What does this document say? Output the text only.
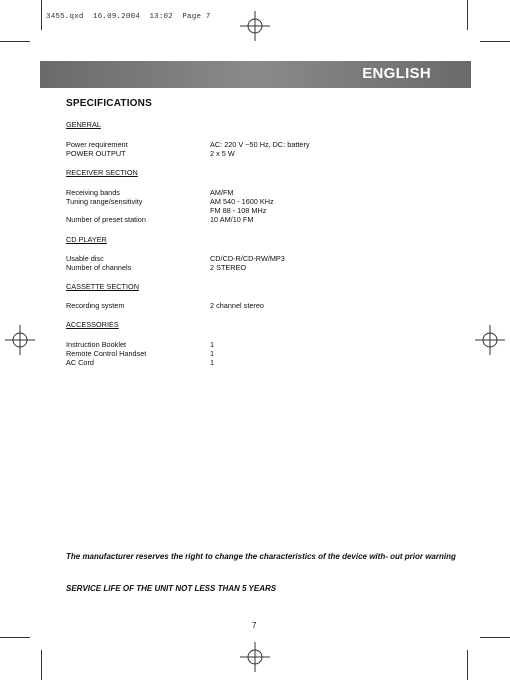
3455.qxd 16.09.2004 13:02 Page 7
ENGLISH
SPECIFICATIONS
GENERAL
Power requirement	AC: 220 V ~50 Hz, DC: battery
POWER OUTPUT	2 x 5 W
RECEIVER SECTION
Receiving bands	AM/FM
Tuning range/sensitivity	AM 540 - 1600 KHz
FM 88 - 108 MHz
Number of preset station	10 AM/10 FM
CD PLAYER
Usable disc	CD/CD-R/CD-RW/MP3
Number of channels	2 STEREO
CASSETTE SECTION
Recording system	2 channel stereo
ACCESSORIES
Instruction Booklet	1
Remote Control Handset	1
AC Cord	1
The manufacturer reserves the right to change the characteristics of the device with- out prior warning
SERVICE LIFE OF THE UNIT NOT LESS THAN 5 YEARS
7
